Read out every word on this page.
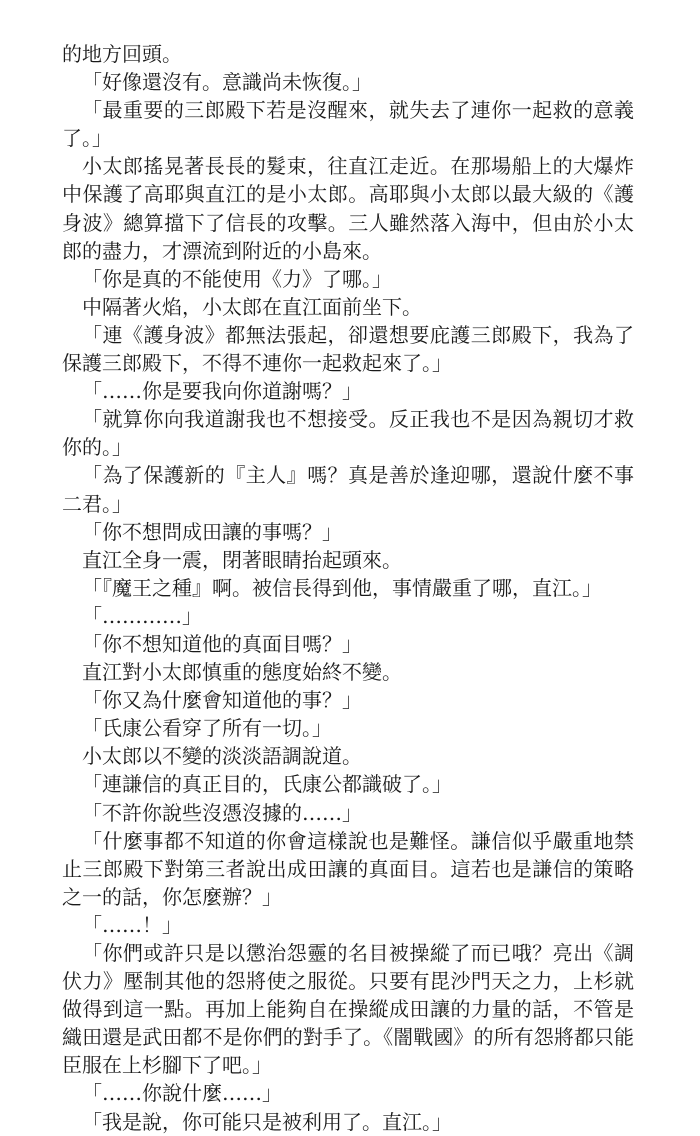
的地方回頭。

「好像還沒有。意識尚未恢復。」

「最重要的三郎殿下若是沒醒來，就失去了連你一起救的意義了。」

小太郎搖晃著長長的髮束，往直江走近。在那場船上的大爆炸中保護了高耶與直江的是小太郎。高耶與小太郎以最大級的《護身波》總算擋下了信長的攻擊。三人雖然落入海中，但由於小太郎的盡力，才漂流到附近的小島來。

「你是真的不能使用《力》了哪。」

中隔著火焰，小太郎在直江面前坐下。

「連《護身波》都無法張起，卻還想要庇護三郎殿下，我為了保護三郎殿下，不得不連你一起救起來了。」

「……你是要我向你道謝嗎？」

「就算你向我道謝我也不想接受。反正我也不是因為親切才救你的。」

「為了保護新的『主人』嗎？真是善於逢迎哪，還說什麼不事二君。」

「你不想問成田讓的事嗎？」

直江全身一震，閉著眼睛抬起頭來。

「『魔王之種』啊。被信長得到他，事情嚴重了哪，直江。」

「…………」

「你不想知道他的真面目嗎？」

直江對小太郎慎重的態度始終不變。

「你又為什麼會知道他的事？」

「氏康公看穿了所有一切。」

小太郎以不變的淡淡語調說道。

「連謙信的真正目的，氏康公都識破了。」

「不許你說些沒憑沒據的……」

「什麼事都不知道的你會這樣說也是難怪。謙信似乎嚴重地禁止三郎殿下對第三者說出成田讓的真面目。這若也是謙信的策略之一的話，你怎麼辦？」

「……！」

「你們或許只是以懲治怨靈的名目被操縱了而已哦？亮出《調伏力》壓制其他的怨將使之服從。只要有毘沙門天之力，上杉就做得到這一點。再加上能夠自在操縱成田讓的力量的話，不管是織田還是武田都不是你們的對手了。《闇戰國》的所有怨將都只能臣服在上杉腳下了吧。」

「……你說什麼……」

「我是說，你可能只是被利用了。直江。」
